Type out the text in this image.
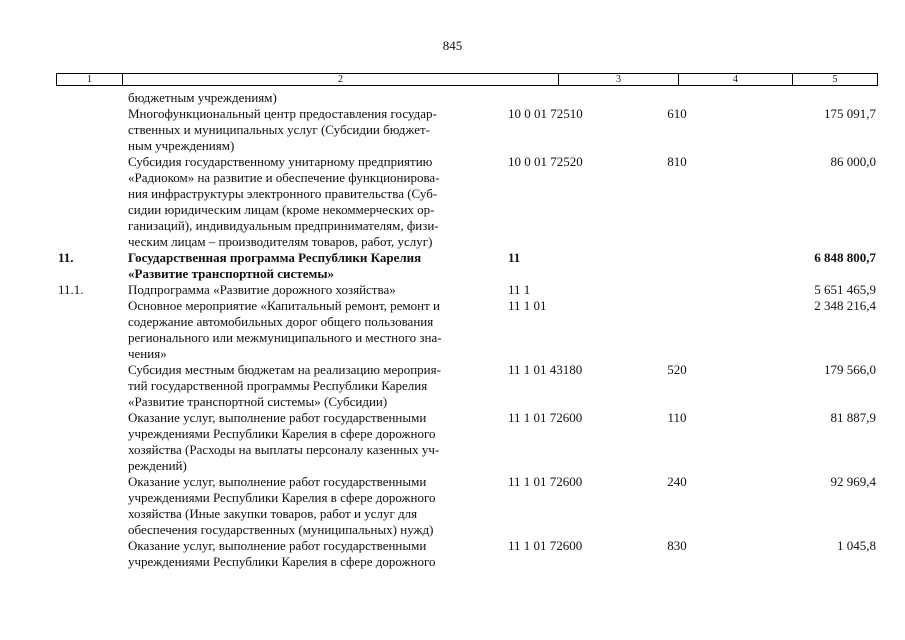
845
1	2	3	4	5
бюджетным учреждениям)
Многофункциональный центр предоставления государ-
ственных и муниципальных услуг (Субсидии бюджет-
ным учреждениям)
10 0 01 72510	610	175 091,7
Субсидия государственному унитарному предприятию
«Радиоком» на развитие и обеспечение функционирова-
ния инфраструктуры электронного правительства (Суб-
сидии юридическим лицам (кроме некоммерческих ор-
ганизаций), индивидуальным предпринимателям, физи-
ческим лицам – производителям товаров, работ, услуг)
10 0 01 72520	810	86 000,0
11.	Государственная программа Республики Карелия
«Развитие транспортной системы»
11	6 848 800,7
11.1.	Подпрограмма «Развитие дорожного хозяйства»	11 1	5 651 465,9
Основное мероприятие «Капитальный ремонт, ремонт и
содержание автомобильных дорог общего пользования
регионального или межмуниципального и местного зна-
чения»
11 1 01	2 348 216,4
Субсидия местным бюджетам на реализацию мероприя-
тий государственной программы Республики Карелия
«Развитие транспортной системы» (Субсидии)
11 1 01 43180	520	179 566,0
Оказание услуг, выполнение работ государственными
учреждениями Республики Карелия в сфере дорожного
хозяйства (Расходы на выплаты персоналу казенных уч-
реждений)
11 1 01 72600	110	81 887,9
Оказание услуг, выполнение работ государственными
учреждениями Республики Карелия в сфере дорожного
хозяйства (Иные закупки товаров, работ и услуг для
обеспечения государственных (муниципальных) нужд)
11 1 01 72600	240	92 969,4
Оказание услуг, выполнение работ государственными
учреждениями Республики Карелия в сфере дорожного
11 1 01 72600	830	1 045,8
